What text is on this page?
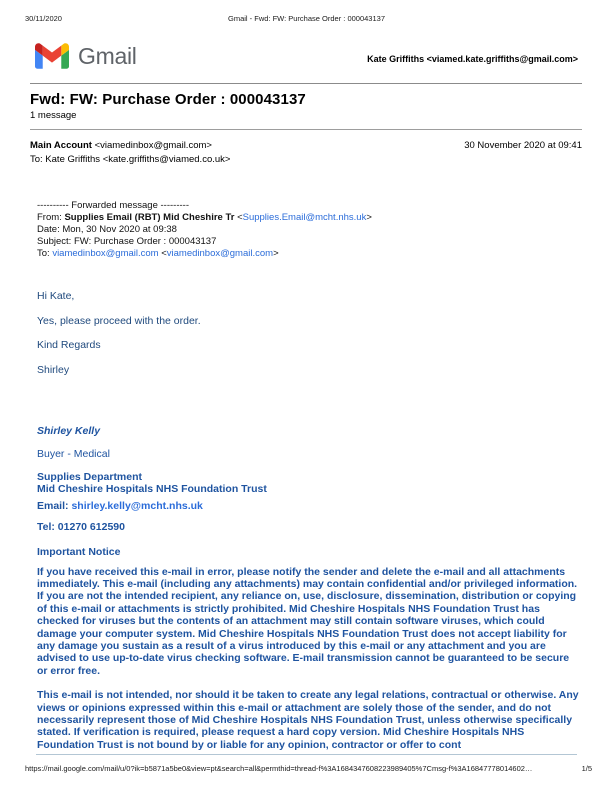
Gmail - Fwd: FW: Purchase Order : 000043137
30/11/2020
Gmail	Kate Griffiths <viamed.kate.griffiths@gmail.com>
Fwd: FW: Purchase Order : 000043137
1 message
Main Account <viamedinbox@gmail.com>	30 November 2020 at 09:41
To: Kate Griffiths <kate.griffiths@viamed.co.uk>
---------- Forwarded message ---------
From: Supplies Email (RBT) Mid Cheshire Tr <Supplies.Email@mcht.nhs.uk>
Date: Mon, 30 Nov 2020 at 09:38
Subject: FW: Purchase Order : 000043137
To: viamedinbox@gmail.com <viamedinbox@gmail.com>

Hi Kate,

Yes, please proceed with the order.

Kind Regards

Shirley

Shirley Kelly
Buyer - Medical
Supplies Department
Mid Cheshire Hospitals NHS Foundation Trust
Email: shirley.kelly@mcht.nhs.uk
Tel: 01270 612590
Important Notice

If you have received this e-mail in error, please notify the sender and delete the e-mail and all attachments immediately. This e-mail (including any attachments) may contain confidential and/or privileged information. If you are not the intended recipient, any reliance on, use, disclosure, dissemination, distribution or copying of this e-mail or attachments is strictly prohibited. Mid Cheshire Hospitals NHS Foundation Trust has checked for viruses but the contents of an attachment may still contain software viruses, which could damage your computer system. Mid Cheshire Hospitals NHS Foundation Trust does not accept liability for any damage you sustain as a result of a virus introduced by this e-mail or any attachment and you are advised to use up-to-date virus checking software. E-mail transmission cannot be guaranteed to be secure or error free.

This e-mail is not intended, nor should it be taken to create any legal relations, contractual or otherwise. Any views or opinions expressed within this e-mail or attachment are solely those of the sender, and do not necessarily represent those of Mid Cheshire Hospitals NHS Foundation Trust, unless otherwise specifically stated. If verification is required, please request a hard copy version. Mid Cheshire Hospitals NHS Foundation Trust is not bound by or liable for any opinion, contractor or offer to cont

https://mail.google.com/mail/u/0?ik=b5871a5be0&view=pt&search=all&permthid=thread-f%3A1684347608223989405%7Cmsg-f%3A16847778014602…	1/5
